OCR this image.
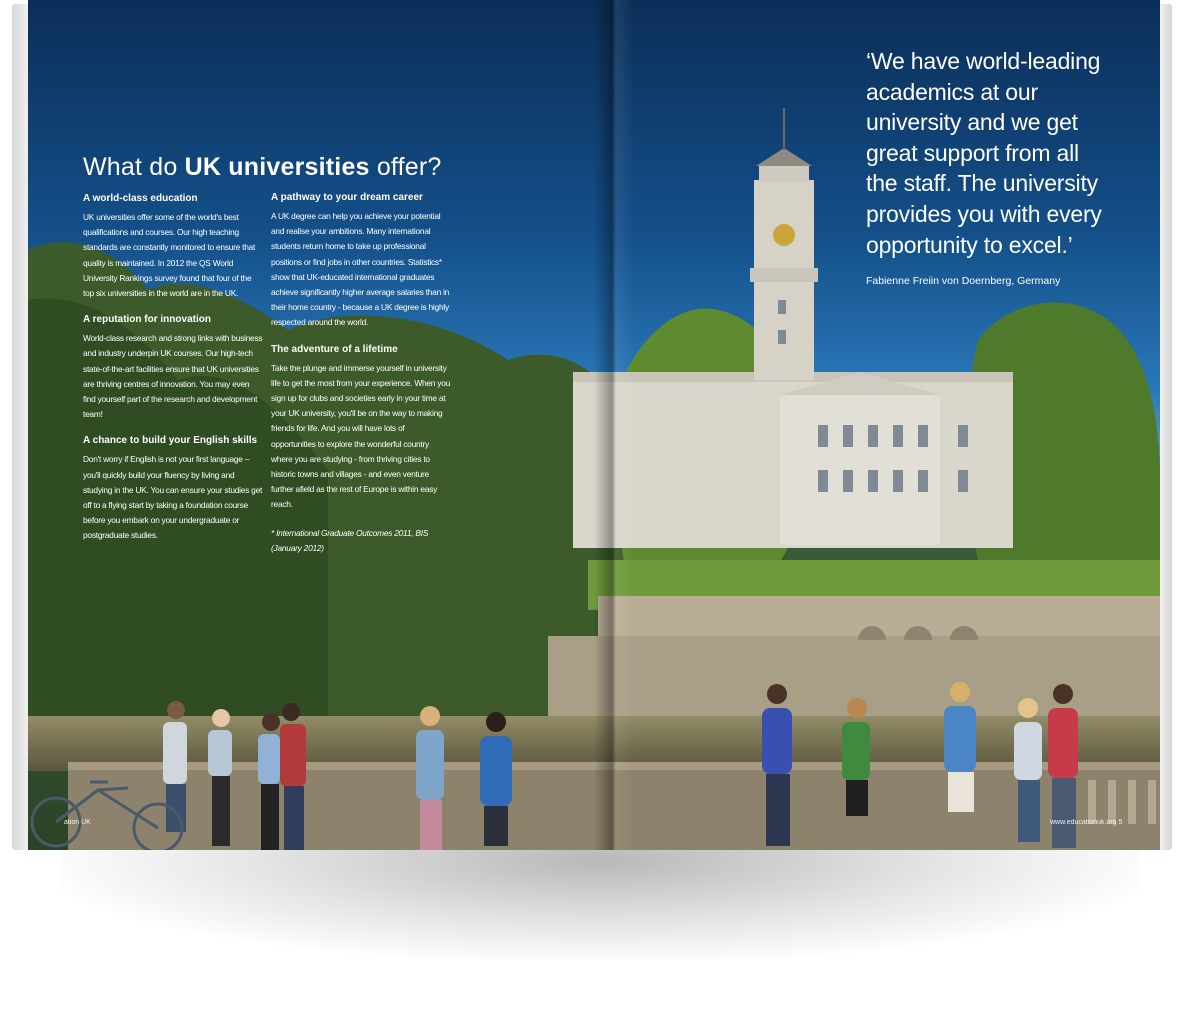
What do UK universities offer?
A world-class education
UK universities offer some of the world's best qualifications and courses. Our high teaching standards are constantly monitored to ensure that quality is maintained. In 2012 the QS World University Rankings survey found that four of the top six universities in the world are in the UK.
A reputation for innovation
World-class research and strong links with business and industry underpin UK courses. Our high-tech state-of-the-art facilities ensure that UK universities are thriving centres of innovation. You may even find yourself part of the research and development team!
A chance to build your English skills
Don't worry if English is not your first language – you'll quickly build your fluency by living and studying in the UK. You can ensure your studies get off to a flying start by taking a foundation course before you embark on your undergraduate or postgraduate studies.
A pathway to your dream career
A UK degree can help you achieve your potential and realise your ambitions. Many international students return home to take up professional positions or find jobs in other countries. Statistics* show that UK-educated international graduates achieve significantly higher average salaries than in their home country - because a UK degree is highly respected around the world.
The adventure of a lifetime
Take the plunge and immerse yourself in university life to get the most from your experience. When you sign up for clubs and societies early in your time at your UK university, you'll be on the way to making friends for life. And you will have lots of opportunities to explore the wonderful country where you are studying - from thriving cities to historic towns and villages - and even venture further afield as the rest of Europe is within easy reach.
* International Graduate Outcomes 2011, BIS (January 2012)
‘We have world-leading academics at our university and we get great support from all the staff. The university provides you with every opportunity to excel.’
Fabienne Freiin von Doernberg, Germany
ation UK	www.educationuk.org 5
